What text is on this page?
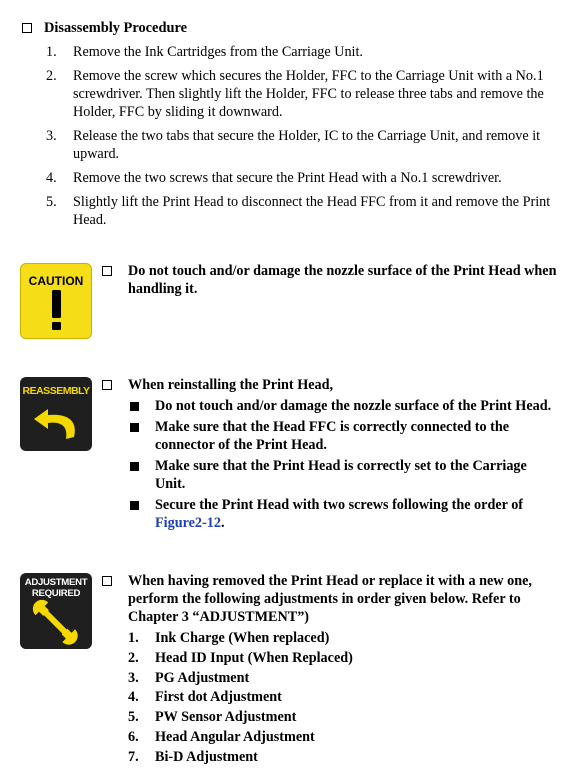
Disassembly Procedure
1.	Remove the Ink Cartridges from the Carriage Unit.
2.	Remove the screw which secures the Holder, FFC to the Carriage Unit with a No.1 screwdriver. Then slightly lift the Holder, FFC to release three tabs and remove the Holder, FFC by sliding it downward.
3.	Release the two tabs that secure the Holder, IC to the Carriage Unit, and remove it upward.
4.	Remove the two screws that secure the Print Head with a No.1 screwdriver.
5.	Slightly lift the Print Head to disconnect the Head FFC from it and remove the Print Head.
CAUTION
Do not touch and/or damage the nozzle surface of the Print Head when handling it.
REASSEMBLY	When reinstalling the Print Head,
Do not touch and/or damage the nozzle surface of the Print Head.
Make sure that the Head FFC is correctly connected to the connector of the Print Head.
Make sure that the Print Head is correctly set to the Carriage Unit.
Secure the Print Head with two screws following the order of Figure2-12.
ADJUSTMENT
REQUIRED
When having removed the Print Head or replace it with a new one, perform the following adjustments in order given below. Refer to Chapter 3 “ADJUSTMENT”)
1. Ink Charge (When replaced)
2. Head ID Input (When Replaced)
3. PG Adjustment
4. First dot Adjustment
5. PW Sensor Adjustment
6. Head Angular Adjustment
7. Bi-D Adjustment
